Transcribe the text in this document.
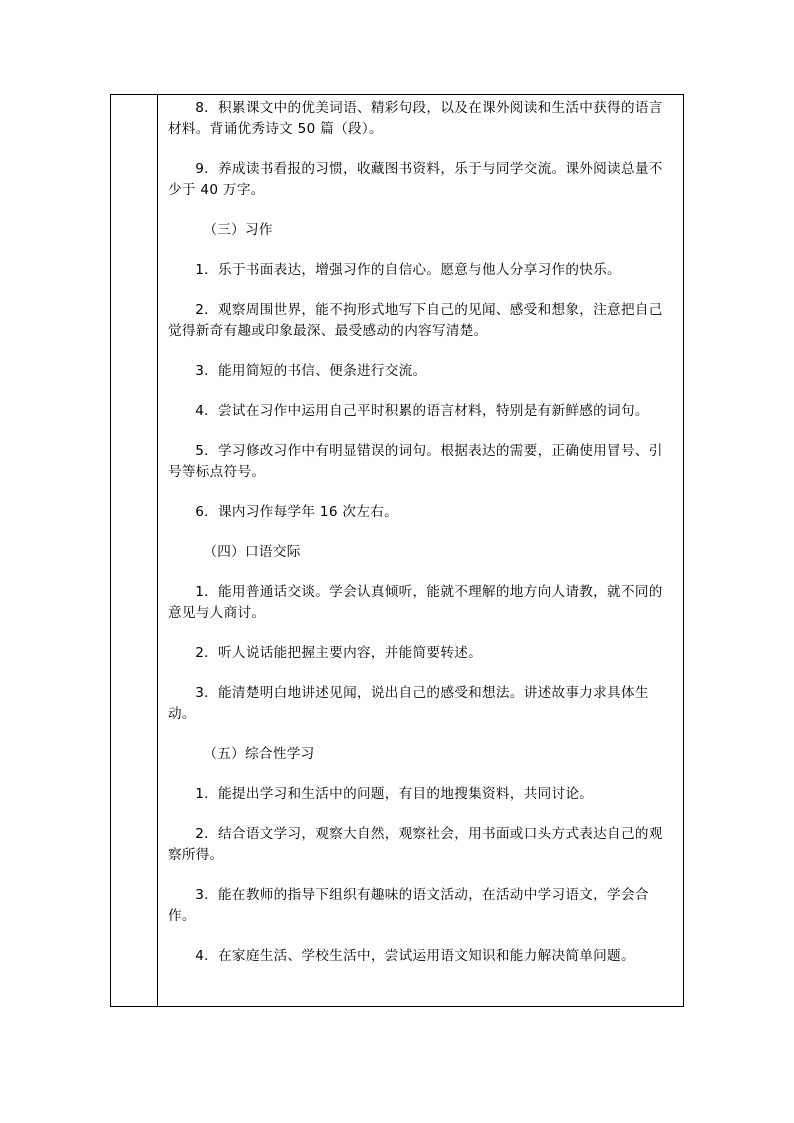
8．积累课文中的优美词语、精彩句段，以及在课外阅读和生活中获得的语言材料。背诵优秀诗文 50 篇（段）。

9．养成读书看报的习惯，收藏图书资料，乐于与同学交流。课外阅读总量不少于 40 万字。

（三）习作

1．乐于书面表达，增强习作的自信心。愿意与他人分享习作的快乐。

2．观察周围世界，能不拘形式地写下自己的见闻、感受和想象，注意把自己觉得新奇有趣或印象最深、最受感动的内容写清楚。

3．能用简短的书信、便条进行交流。

4．尝试在习作中运用自己平时积累的语言材料，特别是有新鲜感的词句。

5．学习修改习作中有明显错误的词句。根据表达的需要，正确使用冒号、引号等标点符号。

6．课内习作每学年 16 次左右。

（四）口语交际

1．能用普通话交谈。学会认真倾听，能就不理解的地方向人请教，就不同的意见与人商讨。

2．听人说话能把握主要内容，并能简要转述。

3．能清楚明白地讲述见闻，说出自己的感受和想法。讲述故事力求具体生动。

（五）综合性学习

1．能提出学习和生活中的问题，有目的地搜集资料，共同讨论。

2．结合语文学习，观察大自然，观察社会，用书面或口头方式表达自己的观察所得。

3．能在教师的指导下组织有趣味的语文活动，在活动中学习语文，学会合作。

4．在家庭生活、学校生活中，尝试运用语文知识和能力解决简单问题。
